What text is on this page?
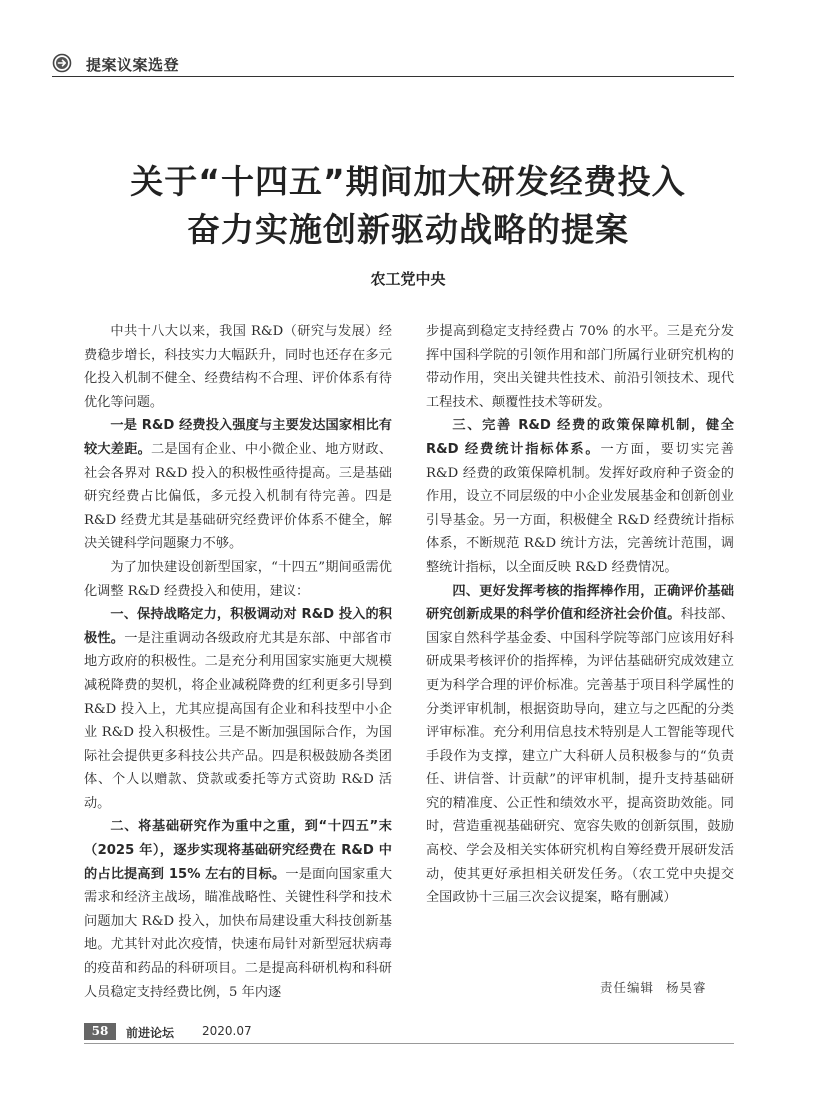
提案议案选登
关于“十四五”期间加大研发经费投入
奋力实施创新驱动战略的提案
农工党中央

中共十八大以来，我国 R&D（研究与发展）经费稳步增长，科技实力大幅跃升，同时也还存在多元化投入机制不健全、经费结构不合理、评价体系有待优化等问题。

一是 R&D 经费投入强度与主要发达国家相比有较大差距。二是国有企业、中小微企业、地方财政、社会各界对 R&D 投入的积极性亟待提高。三是基础研究经费占比偏低，多元投入机制有待完善。四是 R&D 经费尤其是基础研究经费评价体系不健全，解决关键科学问题聚力不够。

为了加快建设创新型国家，“十四五”期间亟需优化调整 R&D 经费投入和使用，建议：

一、保持战略定力，积极调动对 R&D 投入的积极性。一是注重调动各级政府尤其是东部、中部省市地方政府的积极性。二是充分利用国家实施更大规模减税降费的契机，将企业减税降费的红利更多引导到 R&D 投入上，尤其应提高国有企业和科技型中小企业 R&D 投入积极性。三是不断加强国际合作，为国际社会提供更多科技公共产品。四是积极鼓励各类团体、个人以赠款、贷款或委托等方式资助 R&D 活动。

二、将基础研究作为重中之重，到“十四五”末（2025 年），逐步实现将基础研究经费在 R&D 中的占比提高到 15% 左右的目标。一是面向国家重大需求和经济主战场，瞄准战略性、关键性科学和技术问题加大 R&D 投入，加快布局建设重大科技创新基地。尤其针对此次疫情，快速布局针对新型冠状病毒的疫苗和药品的科研项目。二是提高科研机构和科研人员稳定支持经费比例，5 年内逐

步提高到稳定支持经费占 70% 的水平。三是充分发挥中国科学院的引领作用和部门所属行业研究机构的带动作用，突出关键共性技术、前沿引领技术、现代工程技术、颠覆性技术等研发。

三、完善 R&D 经费的政策保障机制，健全 R&D 经费统计指标体系。一方面，要切实完善 R&D 经费的政策保障机制。发挥好政府种子资金的作用，设立不同层级的中小企业发展基金和创新创业引导基金。另一方面，积极健全 R&D 经费统计指标体系，不断规范 R&D 统计方法，完善统计范围，调整统计指标，以全面反映 R&D 经费情况。

四、更好发挥考核的指挥棒作用，正确评价基础研究创新成果的科学价值和经济社会价值。科技部、国家自然科学基金委、中国科学院等部门应该用好科研成果考核评价的指挥棒，为评估基础研究成效建立更为科学合理的评价标准。完善基于项目科学属性的分类评审机制，根据资助导向，建立与之匹配的分类评审标准。充分利用信息技术特别是人工智能等现代手段作为支撑，建立广大科研人员积极参与的“负责任、讲信誉、计贡献”的评审机制，提升支持基础研究的精准度、公正性和绩效水平，提高资助效能。同时，营造重视基础研究、宽容失败的创新氛围，鼓励高校、学会及相关实体研究机构自筹经费开展研发活动，使其更好承担相关研发任务。（农工党中央提交全国政协十三届三次会议提案，略有删减）

责任编辑 杨昊睿
58	前进论坛 2020.07
